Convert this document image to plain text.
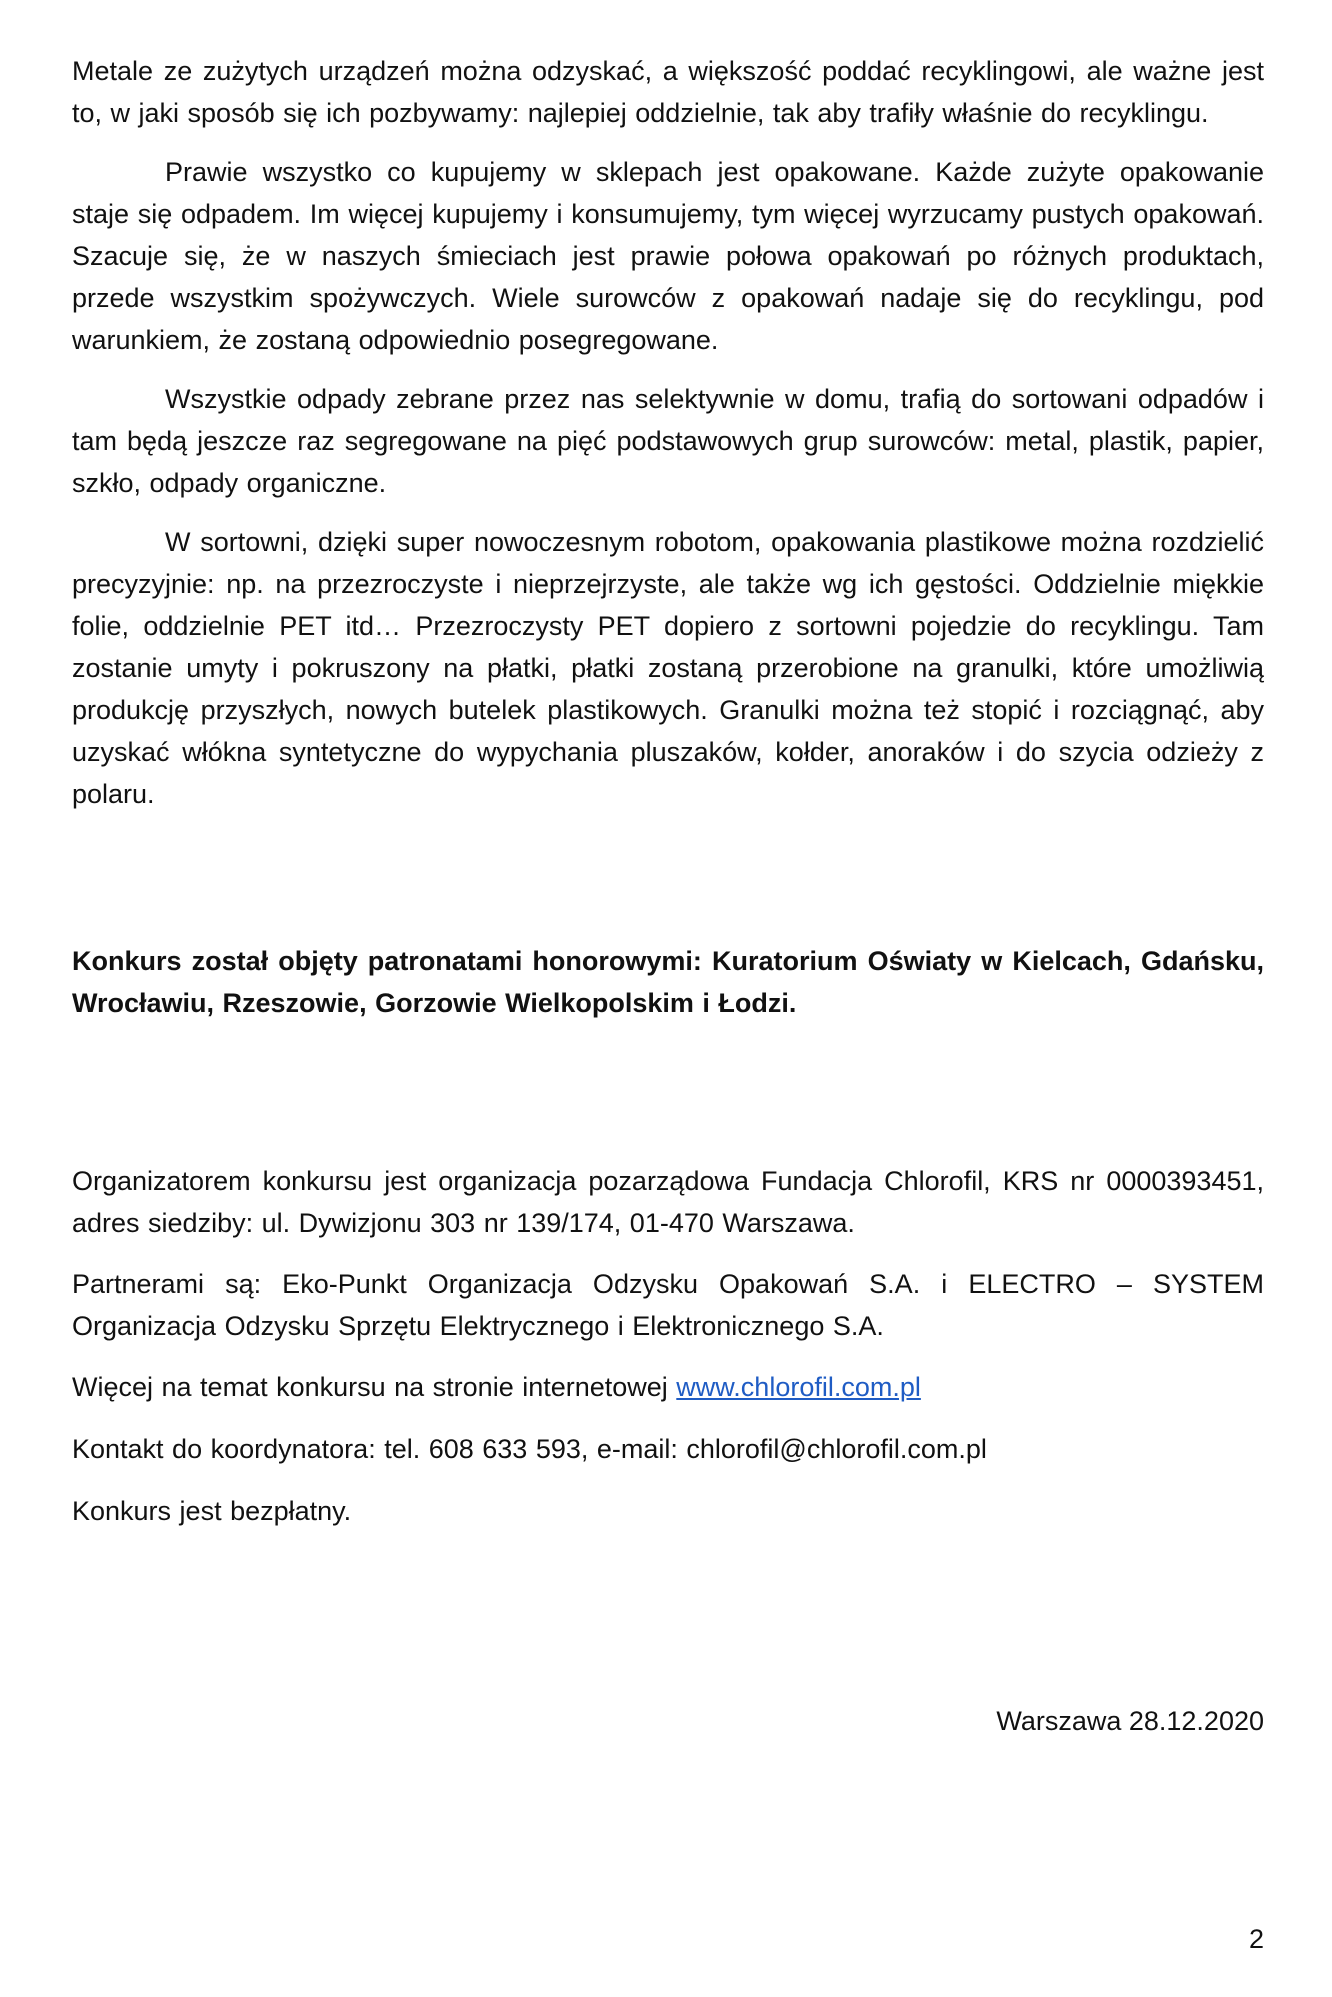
Metale ze zużytych urządzeń można odzyskać, a większość poddać recyklingowi, ale ważne jest to, w jaki sposób się ich pozbywamy: najlepiej oddzielnie, tak aby trafiły właśnie do recyklingu.

Prawie wszystko co kupujemy w sklepach jest opakowane. Każde zużyte opakowanie staje się odpadem. Im więcej kupujemy i konsumujemy, tym więcej wyrzucamy pustych opakowań. Szacuje się, że w naszych śmieciach jest prawie połowa opakowań po różnych produktach, przede wszystkim spożywczych. Wiele surowców z opakowań nadaje się do recyklingu, pod warunkiem, że zostaną odpowiednio posegregowane.

Wszystkie odpady zebrane przez nas selektywnie w domu, trafią do sortowani odpadów i tam będą jeszcze raz segregowane na pięć podstawowych grup surowców: metal, plastik, papier, szkło, odpady organiczne.

W sortowni, dzięki super nowoczesnym robotom, opakowania plastikowe można rozdzielić precyzyjnie: np. na przezroczyste i nieprzejrzyste, ale także wg ich gęstości. Oddzielnie miękkie folie, oddzielnie PET itd… Przezroczysty PET dopiero z sortowni pojedzie do recyklingu. Tam zostanie umyty i pokruszony na płatki, płatki zostaną przerobione na granulki, które umożliwią produkcję przyszłych, nowych butelek plastikowych. Granulki można też stopić i rozciągnąć, aby uzyskać włókna syntetyczne do wypychania pluszaków, kołder, anoraków i do szycia odzieży z polaru.

Konkurs został objęty patronatami honorowymi: Kuratorium Oświaty w Kielcach, Gdańsku, Wrocławiu, Rzeszowie, Gorzowie Wielkopolskim i Łodzi.

Organizatorem konkursu jest organizacja pozarządowa Fundacja Chlorofil, KRS nr 0000393451, adres siedziby: ul. Dywizjonu 303 nr 139/174, 01-470 Warszawa.

Partnerami są: Eko-Punkt Organizacja Odzysku Opakowań S.A. i ELECTRO – SYSTEM Organizacja Odzysku Sprzętu Elektrycznego i Elektronicznego S.A.

Więcej na temat konkursu na stronie internetowej www.chlorofil.com.pl

Kontakt do koordynatora: tel. 608 633 593, e-mail: chlorofil@chlorofil.com.pl

Konkurs jest bezpłatny.

Warszawa 28.12.2020

2
